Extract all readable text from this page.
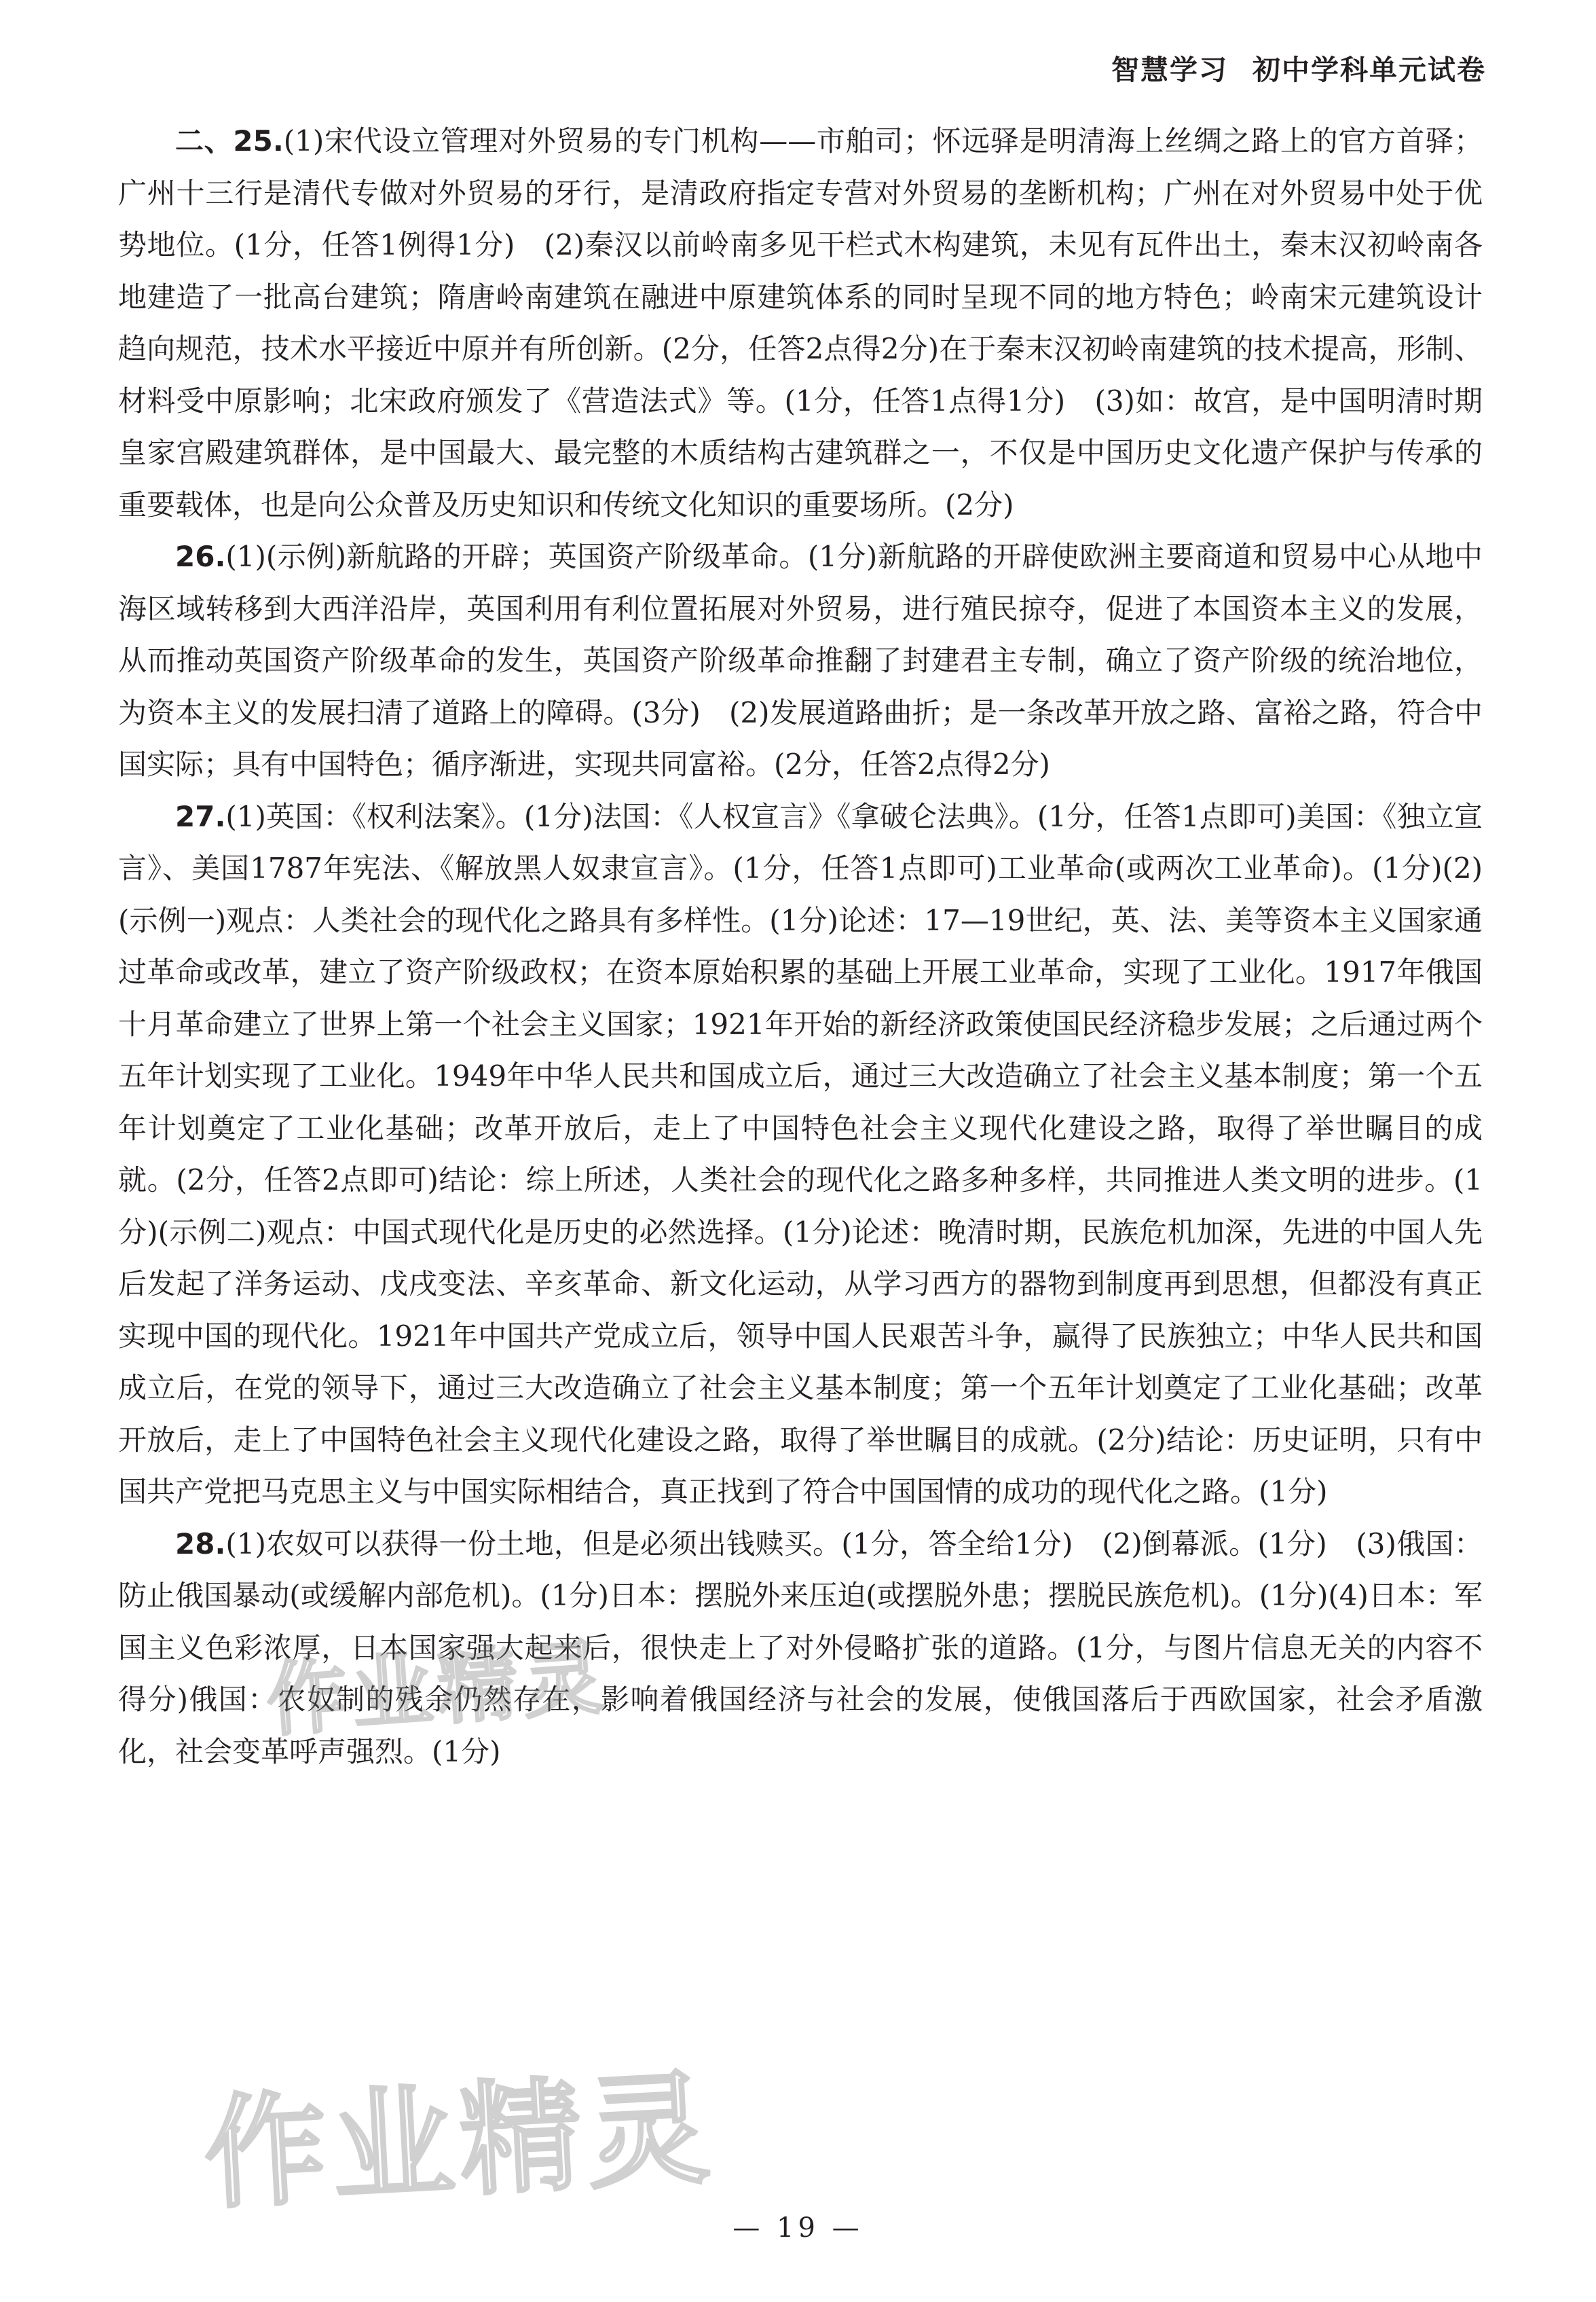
智慧学习 初中学科单元试卷

二、25.(1)宋代设立管理对外贸易的专门机构——市舶司；怀远驿是明清海上丝绸之路上的官方首驿；广州十三行是清代专做对外贸易的牙行，是清政府指定专营对外贸易的垄断机构；广州在对外贸易中处于优势地位。(1分，任答1例得1分)　(2)秦汉以前岭南多见干栏式木构建筑，未见有瓦件出土，秦末汉初岭南各地建造了一批高台建筑；隋唐岭南建筑在融进中原建筑体系的同时呈现不同的地方特色；岭南宋元建筑设计趋向规范，技术水平接近中原并有所创新。(2分，任答2点得2分)在于秦末汉初岭南建筑的技术提高，形制、材料受中原影响；北宋政府颁发了《营造法式》等。(1分，任答1点得1分)　(3)如：故宫，是中国明清时期皇家宫殿建筑群体，是中国最大、最完整的木质结构古建筑群之一，不仅是中国历史文化遗产保护与传承的重要载体，也是向公众普及历史知识和传统文化知识的重要场所。(2分)

26.(1)(示例)新航路的开辟；英国资产阶级革命。(1分)新航路的开辟使欧洲主要商道和贸易中心从地中海区域转移到大西洋沿岸，英国利用有利位置拓展对外贸易，进行殖民掠夺，促进了本国资本主义的发展，从而推动英国资产阶级革命的发生，英国资产阶级革命推翻了封建君主专制，确立了资产阶级的统治地位，为资本主义的发展扫清了道路上的障碍。(3分)　(2)发展道路曲折；是一条改革开放之路、富裕之路，符合中国实际；具有中国特色；循序渐进，实现共同富裕。(2分，任答2点得2分)

27.(1)英国：《权利法案》。(1分)法国：《人权宣言》《拿破仑法典》。(1分，任答1点即可)美国：《独立宣言》、美国1787年宪法、《解放黑人奴隶宣言》。(1分，任答1点即可)工业革命(或两次工业革命)。(1分)(2)(示例一)观点：人类社会的现代化之路具有多样性。(1分)论述：17—19世纪，英、法、美等资本主义国家通过革命或改革，建立了资产阶级政权；在资本原始积累的基础上开展工业革命，实现了工业化。1917年俄国十月革命建立了世界上第一个社会主义国家；1921年开始的新经济政策使国民经济稳步发展；之后通过两个五年计划实现了工业化。1949年中华人民共和国成立后，通过三大改造确立了社会主义基本制度；第一个五年计划奠定了工业化基础；改革开放后，走上了中国特色社会主义现代化建设之路，取得了举世瞩目的成就。(2分，任答2点即可)结论：综上所述，人类社会的现代化之路多种多样，共同推进人类文明的进步。(1分)(示例二)观点：中国式现代化是历史的必然选择。(1分)论述：晚清时期，民族危机加深，先进的中国人先后发起了洋务运动、戊戌变法、辛亥革命、新文化运动，从学习西方的器物到制度再到思想，但都没有真正实现中国的现代化。1921年中国共产党成立后，领导中国人民艰苦斗争，赢得了民族独立；中华人民共和国成立后，在党的领导下，通过三大改造确立了社会主义基本制度；第一个五年计划奠定了工业化基础；改革开放后，走上了中国特色社会主义现代化建设之路，取得了举世瞩目的成就。(2分)结论：历史证明，只有中国共产党把马克思主义与中国实际相结合，真正找到了符合中国国情的成功的现代化之路。(1分)

28.(1)农奴可以获得一份土地，但是必须出钱赎买。(1分，答全给1分)　(2)倒幕派。(1分)　(3)俄国：防止俄国暴动(或缓解内部危机)。(1分)日本：摆脱外来压迫(或摆脱外患；摆脱民族危机)。(1分)(4)日本：军国主义色彩浓厚，日本国家强大起来后，很快走上了对外侵略扩张的道路。(1分，与图片信息无关的内容不得分)俄国：农奴制的残余仍然存在，影响着俄国经济与社会的发展，使俄国落后于西欧国家，社会矛盾激化，社会变革呼声强烈。(1分)

作业精灵
作业精灵
— 19 —
